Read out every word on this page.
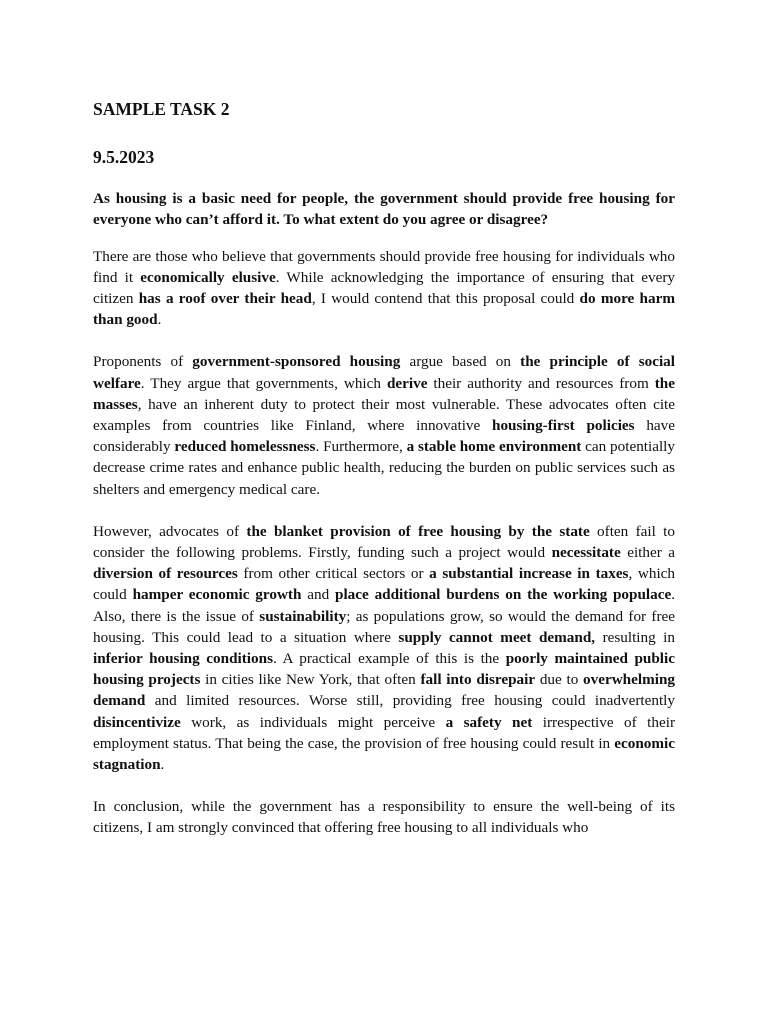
SAMPLE TASK 2
9.5.2023

As housing is a basic need for people, the government should provide free housing for everyone who can’t afford it. To what extent do you agree or disagree?

There are those who believe that governments should provide free housing for individuals who find it economically elusive. While acknowledging the importance of ensuring that every citizen has a roof over their head, I would contend that this proposal could do more harm than good.

Proponents of government-sponsored housing argue based on the principle of social welfare. They argue that governments, which derive their authority and resources from the masses, have an inherent duty to protect their most vulnerable. These advocates often cite examples from countries like Finland, where innovative housing-first policies have considerably reduced homelessness. Furthermore, a stable home environment can potentially decrease crime rates and enhance public health, reducing the burden on public services such as shelters and emergency medical care.

However, advocates of the blanket provision of free housing by the state often fail to consider the following problems. Firstly, funding such a project would necessitate either a diversion of resources from other critical sectors or a substantial increase in taxes, which could hamper economic growth and place additional burdens on the working populace. Also, there is the issue of sustainability; as populations grow, so would the demand for free housing. This could lead to a situation where supply cannot meet demand, resulting in inferior housing conditions. A practical example of this is the poorly maintained public housing projects in cities like New York, that often fall into disrepair due to overwhelming demand and limited resources. Worse still, providing free housing could inadvertently disincentivize work, as individuals might perceive a safety net irrespective of their employment status. That being the case, the provision of free housing could result in economic stagnation.

In conclusion, while the government has a responsibility to ensure the well-being of its citizens, I am strongly convinced that offering free housing to all individuals who
